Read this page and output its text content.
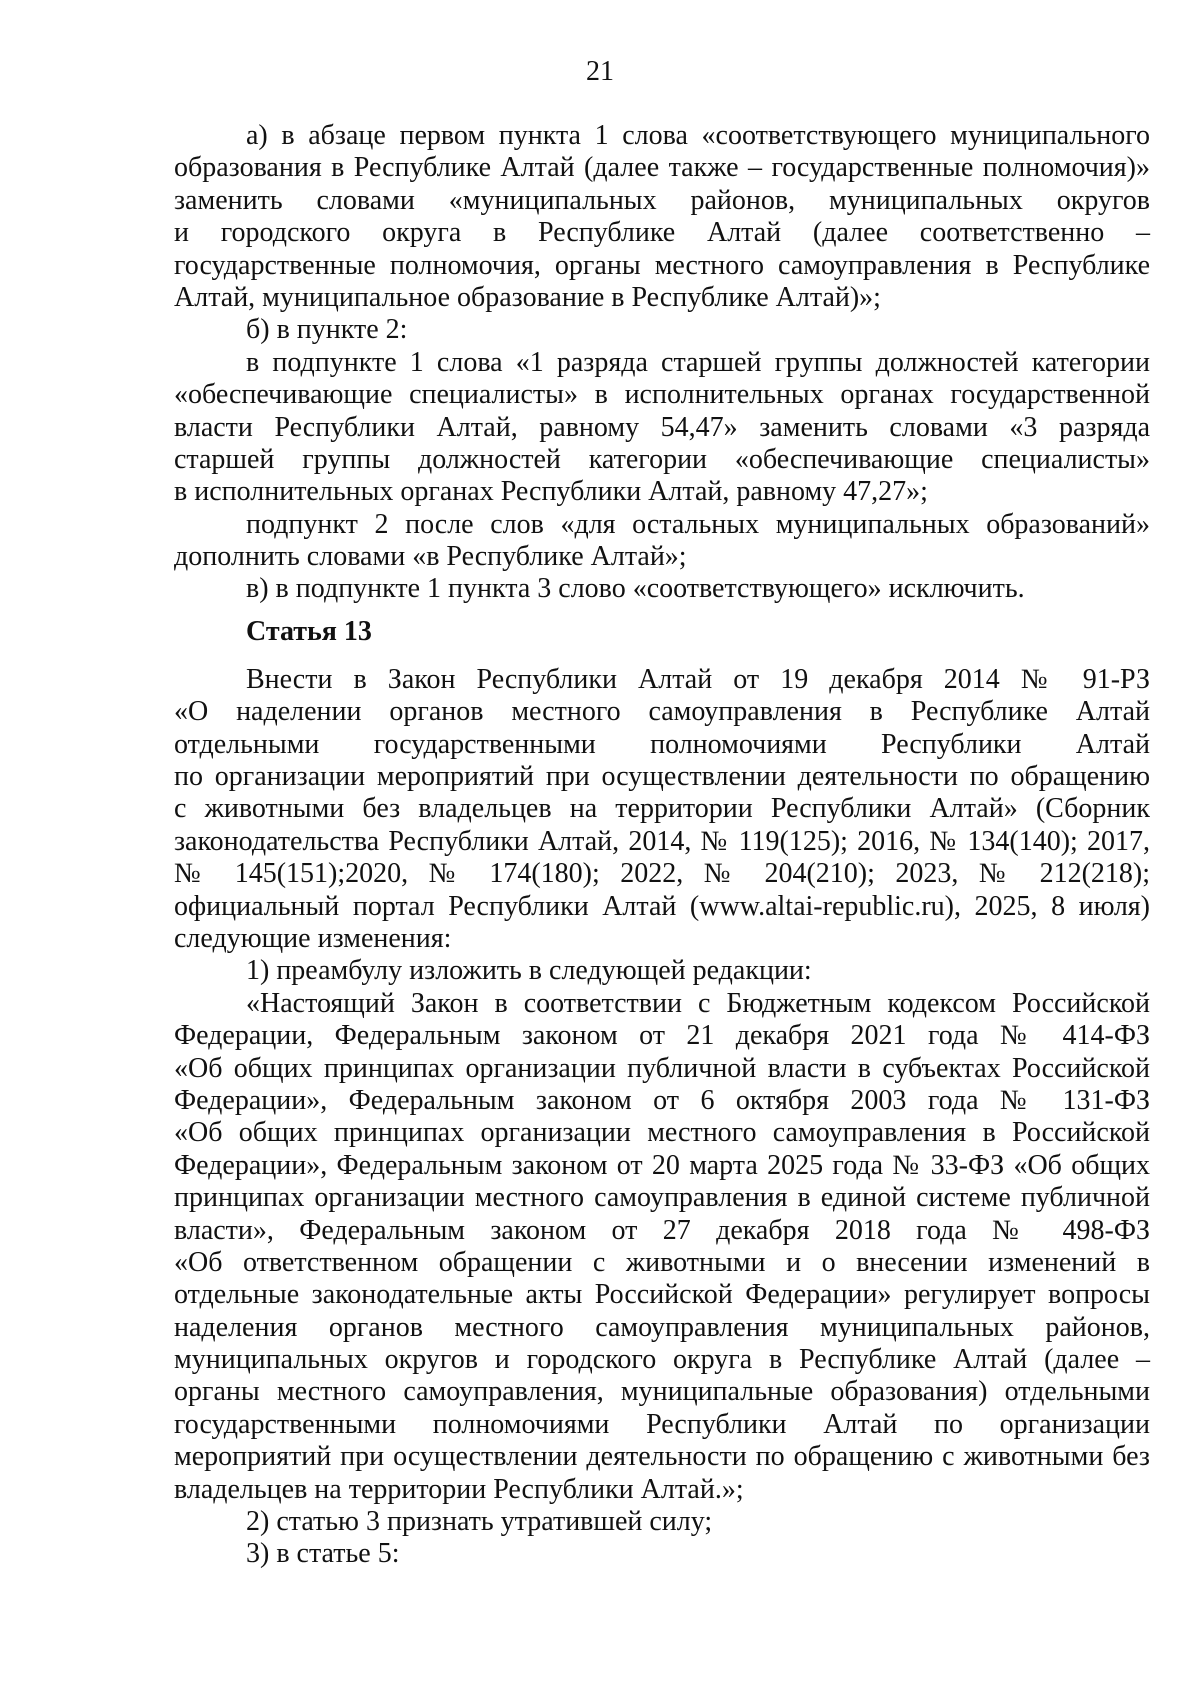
21
а) в абзаце первом пункта 1 слова «соответствующего муниципального
образования в Республике Алтай (далее также – государственные полномочия)»
заменить словами «муниципальных районов, муниципальных округов
и городского округа в Республике Алтай (далее соответственно –
государственные полномочия, органы местного самоуправления в Республике
Алтай, муниципальное образование в Республике Алтай)»;
б) в пункте 2:
в подпункте 1 слова «1 разряда старшей группы должностей категории
«обеспечивающие специалисты» в исполнительных органах государственной
власти Республики Алтай, равному 54,47» заменить словами «3 разряда
старшей группы должностей категории «обеспечивающие специалисты»
в исполнительных органах Республики Алтай, равному 47,27»;
подпункт 2 после слов «для остальных муниципальных образований»
дополнить словами «в Республике Алтай»;
в) в подпункте 1 пункта 3 слово «соответствующего» исключить.
Статья 13
Внести в Закон Республики Алтай от 19 декабря 2014 № 91-РЗ
«О наделении органов местного самоуправления в Республике Алтай
отдельными государственными полномочиями Республики Алтай
по организации мероприятий при осуществлении деятельности по обращению
с животными без владельцев на территории Республики Алтай» (Сборник
законодательства Республики Алтай, 2014, № 119(125); 2016, № 134(140); 2017,
№ 145(151);2020, № 174(180); 2022, № 204(210); 2023, № 212(218);
официальный портал Республики Алтай (www.altai-republic.ru), 2025, 8 июля)
следующие изменения:
1) преамбулу изложить в следующей редакции:
«Настоящий Закон в соответствии с Бюджетным кодексом Российской
Федерации, Федеральным законом от 21 декабря 2021 года № 414-ФЗ
«Об общих принципах организации публичной власти в субъектах Российской
Федерации», Федеральным законом от 6 октября 2003 года № 131-ФЗ
«Об общих принципах организации местного самоуправления в Российской
Федерации», Федеральным законом от 20 марта 2025 года № 33-ФЗ «Об общих
принципах организации местного самоуправления в единой системе публичной
власти», Федеральным законом от 27 декабря 2018 года № 498-ФЗ
«Об ответственном обращении с животными и о внесении изменений в
отдельные законодательные акты Российской Федерации» регулирует вопросы
наделения органов местного самоуправления муниципальных районов,
муниципальных округов и городского округа в Республике Алтай (далее –
органы местного самоуправления, муниципальные образования) отдельными
государственными полномочиями Республики Алтай по организации
мероприятий при осуществлении деятельности по обращению с животными без
владельцев на территории Республики Алтай.»;
2) статью 3 признать утратившей силу;
3) в статье 5:
